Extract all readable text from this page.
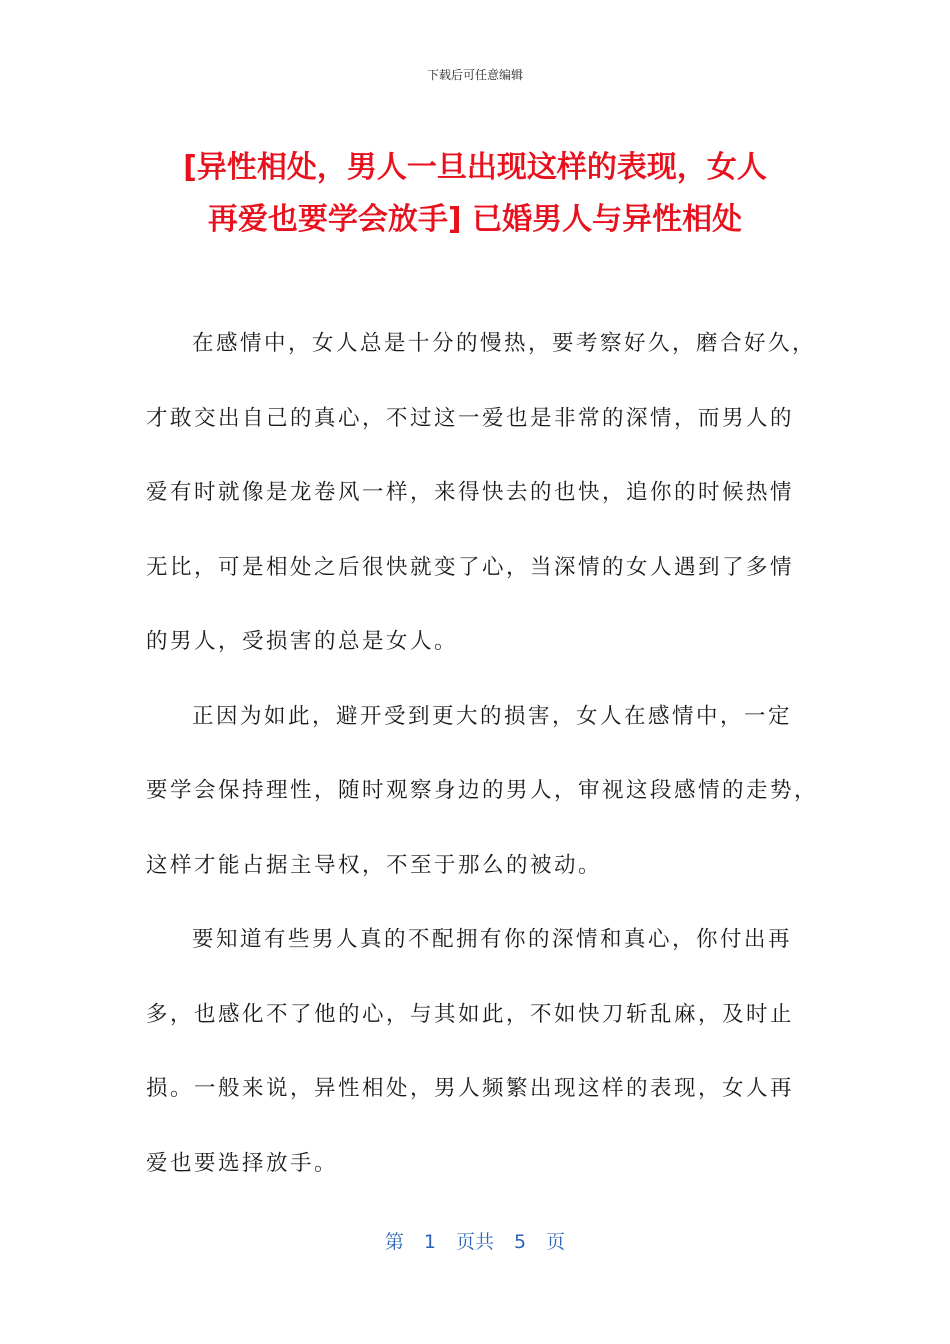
下载后可任意编辑
[异性相处，男人一旦出现这样的表现，女人
再爱也要学会放手] 已婚男人与异性相处
在感情中，女人总是十分的慢热，要考察好久，磨合好久，
才敢交出自己的真心，不过这一爱也是非常的深情，而男人的
爱有时就像是龙卷风一样，来得快去的也快，追你的时候热情
无比，可是相处之后很快就变了心，当深情的女人遇到了多情
的男人，受损害的总是女人。
正因为如此，避开受到更大的损害，女人在感情中，一定
要学会保持理性，随时观察身边的男人，审视这段感情的走势，
这样才能占据主导权，不至于那么的被动。
要知道有些男人真的不配拥有你的深情和真心，你付出再
多，也感化不了他的心，与其如此，不如快刀斩乱麻，及时止
损。一般来说，异性相处，男人频繁出现这样的表现，女人再
爱也要选择放手。
第 1 页共 5 页
